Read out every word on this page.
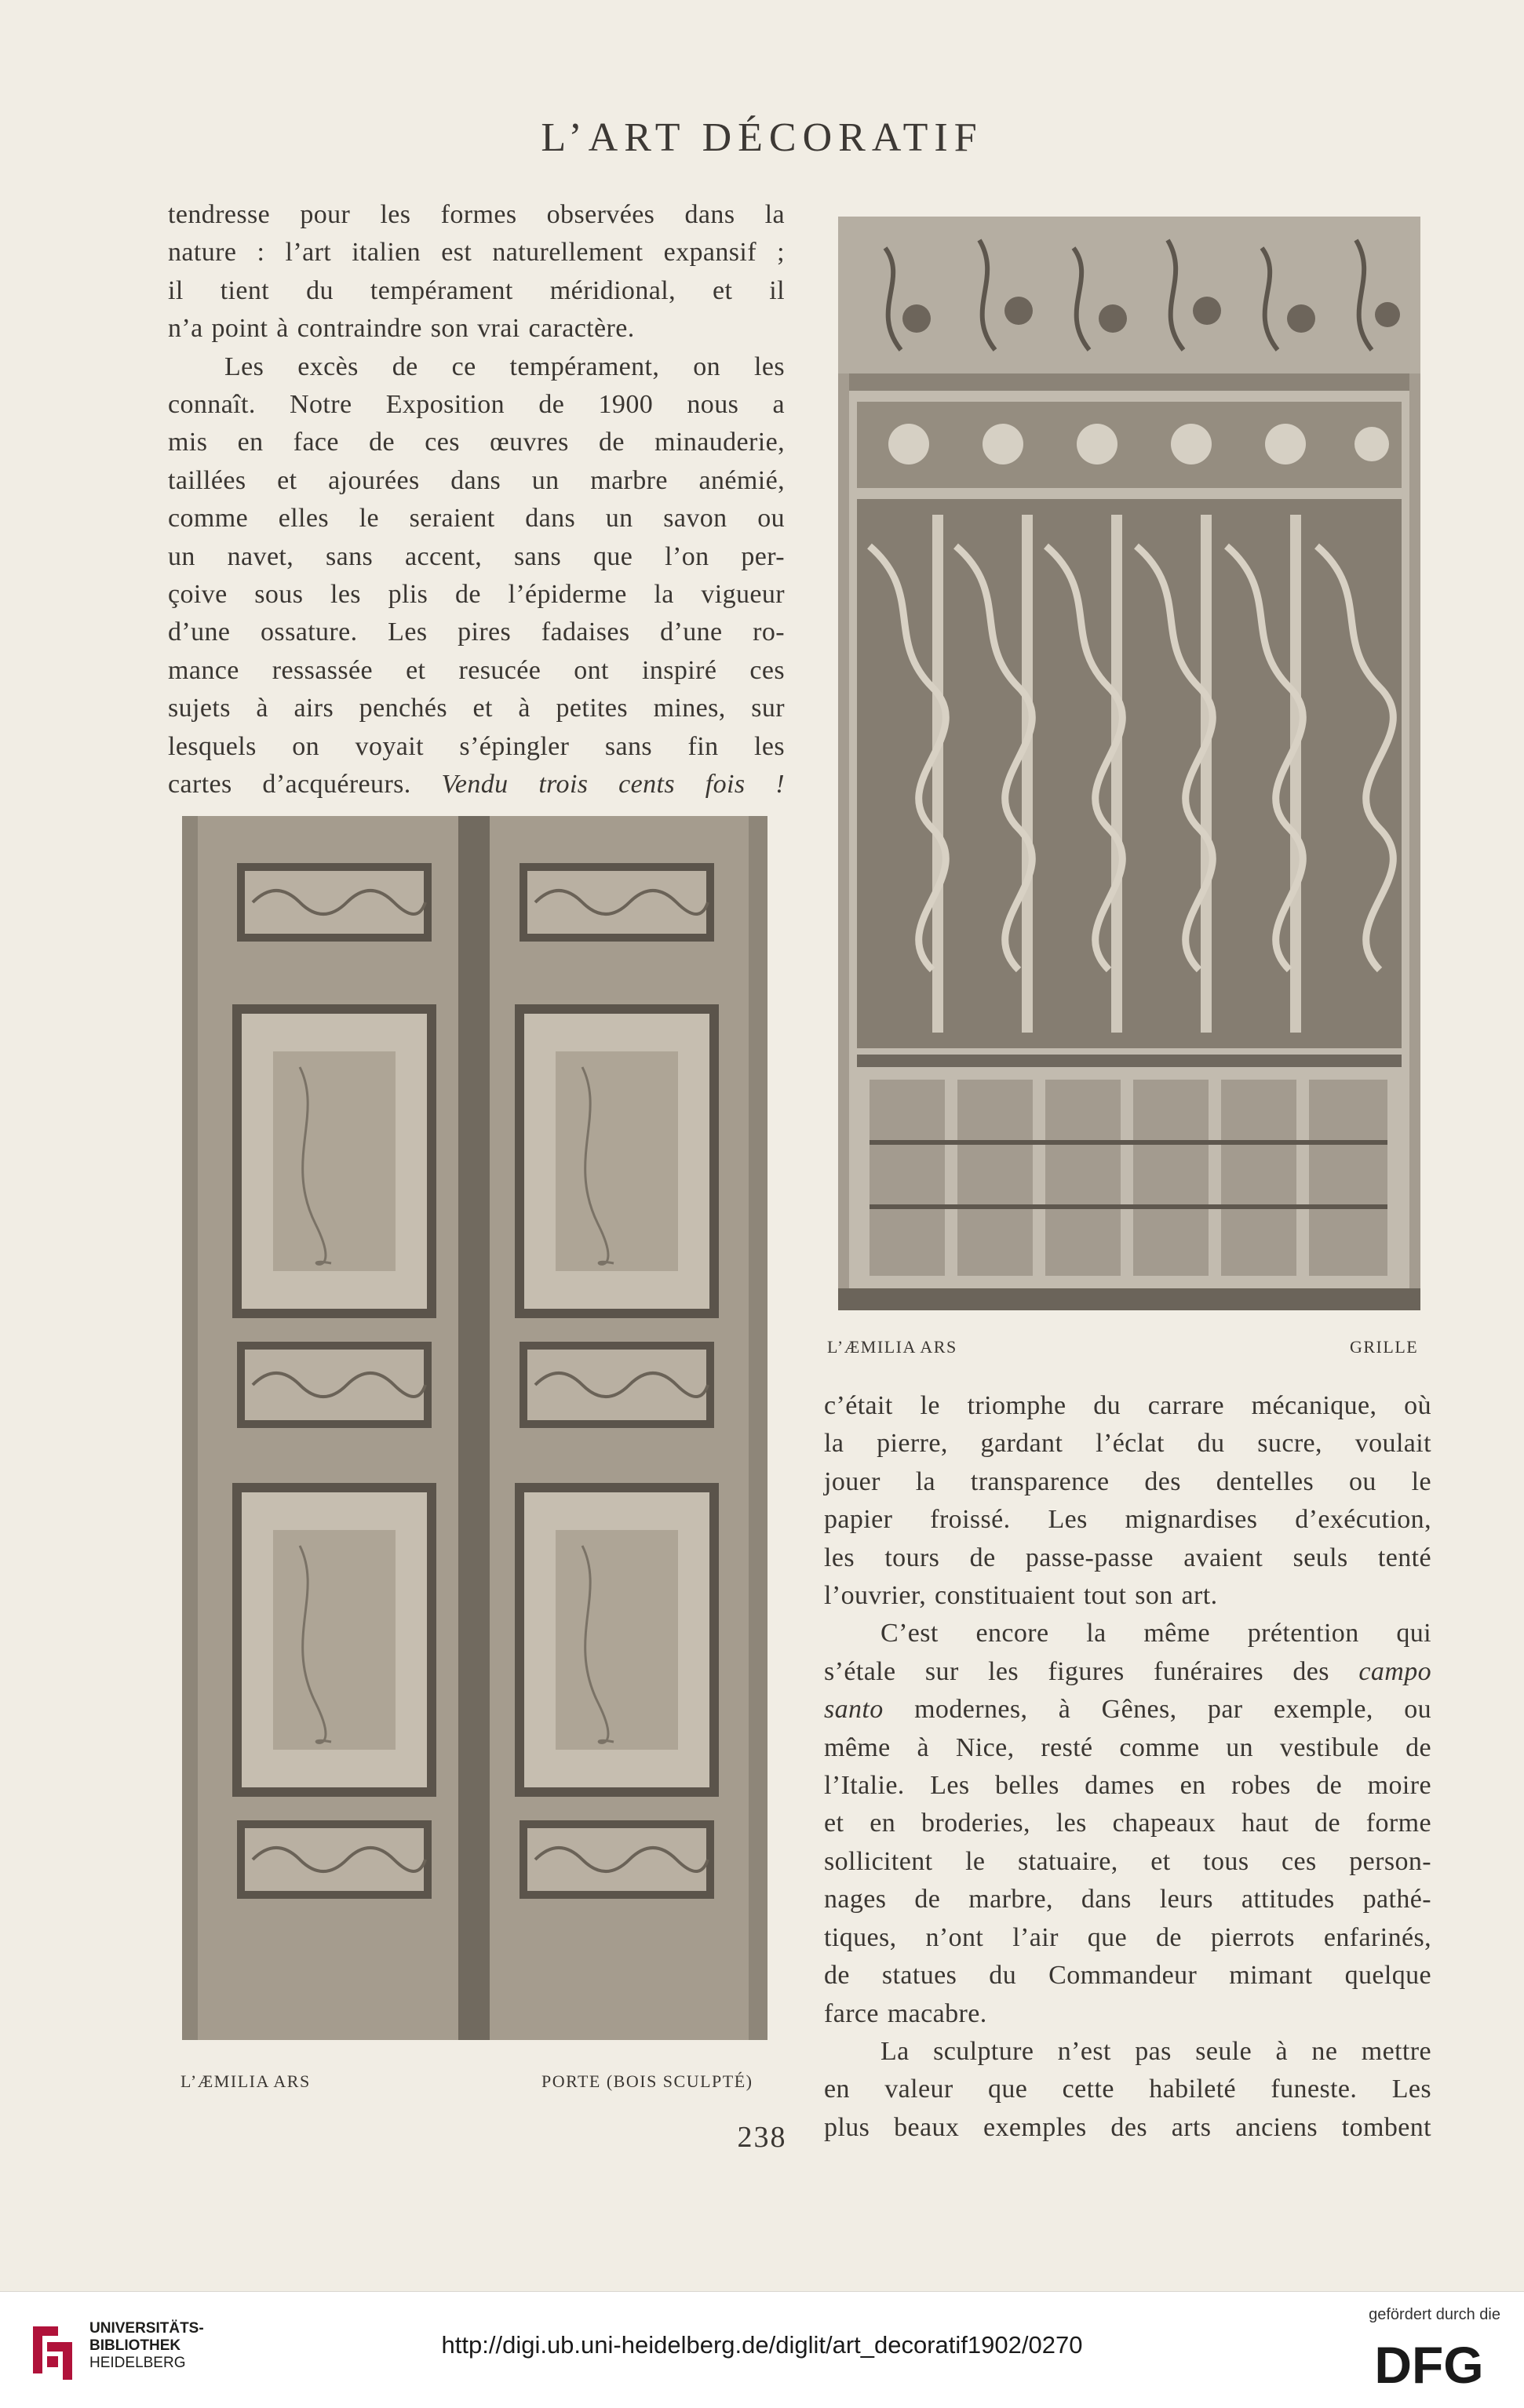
L’ART DÉCORATIF

tendresse pour les formes observées dans la
nature : l’art italien est naturellement expansif ;
il tient du tempérament méridional, et il
n’a point à contraindre son vrai caractère.

Les excès de ce tempérament, on les
connaît. Notre Exposition de 1900 nous a
mis en face de ces œuvres de minauderie,
taillées et ajourées dans un marbre anémié,
comme elles le seraient dans un savon ou
un navet, sans accent, sans que l’on per-
çoive sous les plis de l’épiderme la vigueur
d’une ossature. Les pires fadaises d’une ro-
mance ressassée et resucée ont inspiré ces
sujets à airs penchés et à petites mines, sur
lesquels on voyait s’épingler sans fin les
cartes d’acquéreurs. Vendu trois cents fois !

L’ÆMILIA ARS	GRILLE
L’ÆMILIA ARS	PORTE (BOIS SCULPTÉ)

c’était le triomphe du carrare mécanique, où
la pierre, gardant l’éclat du sucre, voulait
jouer la transparence des dentelles ou le
papier froissé. Les mignardises d’exécution,
les tours de passe-passe avaient seuls tenté
l’ouvrier, constituaient tout son art.

C’est encore la même prétention qui
s’étale sur les figures funéraires des campo
santo modernes, à Gênes, par exemple, ou
même à Nice, resté comme un vestibule de
l’Italie. Les belles dames en robes de moire
et en broderies, les chapeaux haut de forme
sollicitent le statuaire, et tous ces person-
nages de marbre, dans leurs attitudes pathé-
tiques, n’ont l’air que de pierrots enfarinés,
de statues du Commandeur mimant quelque
farce macabre.

La sculpture n’est pas seule à ne mettre
en valeur que cette habileté funeste. Les
plus beaux exemples des arts anciens tombent

238
UNIVERSITÄTS-
BIBLIOTHEK
HEIDELBERG
http://digi.ub.uni-heidelberg.de/diglit/art_decoratif1902/0270
gefördert durch die
DFG
